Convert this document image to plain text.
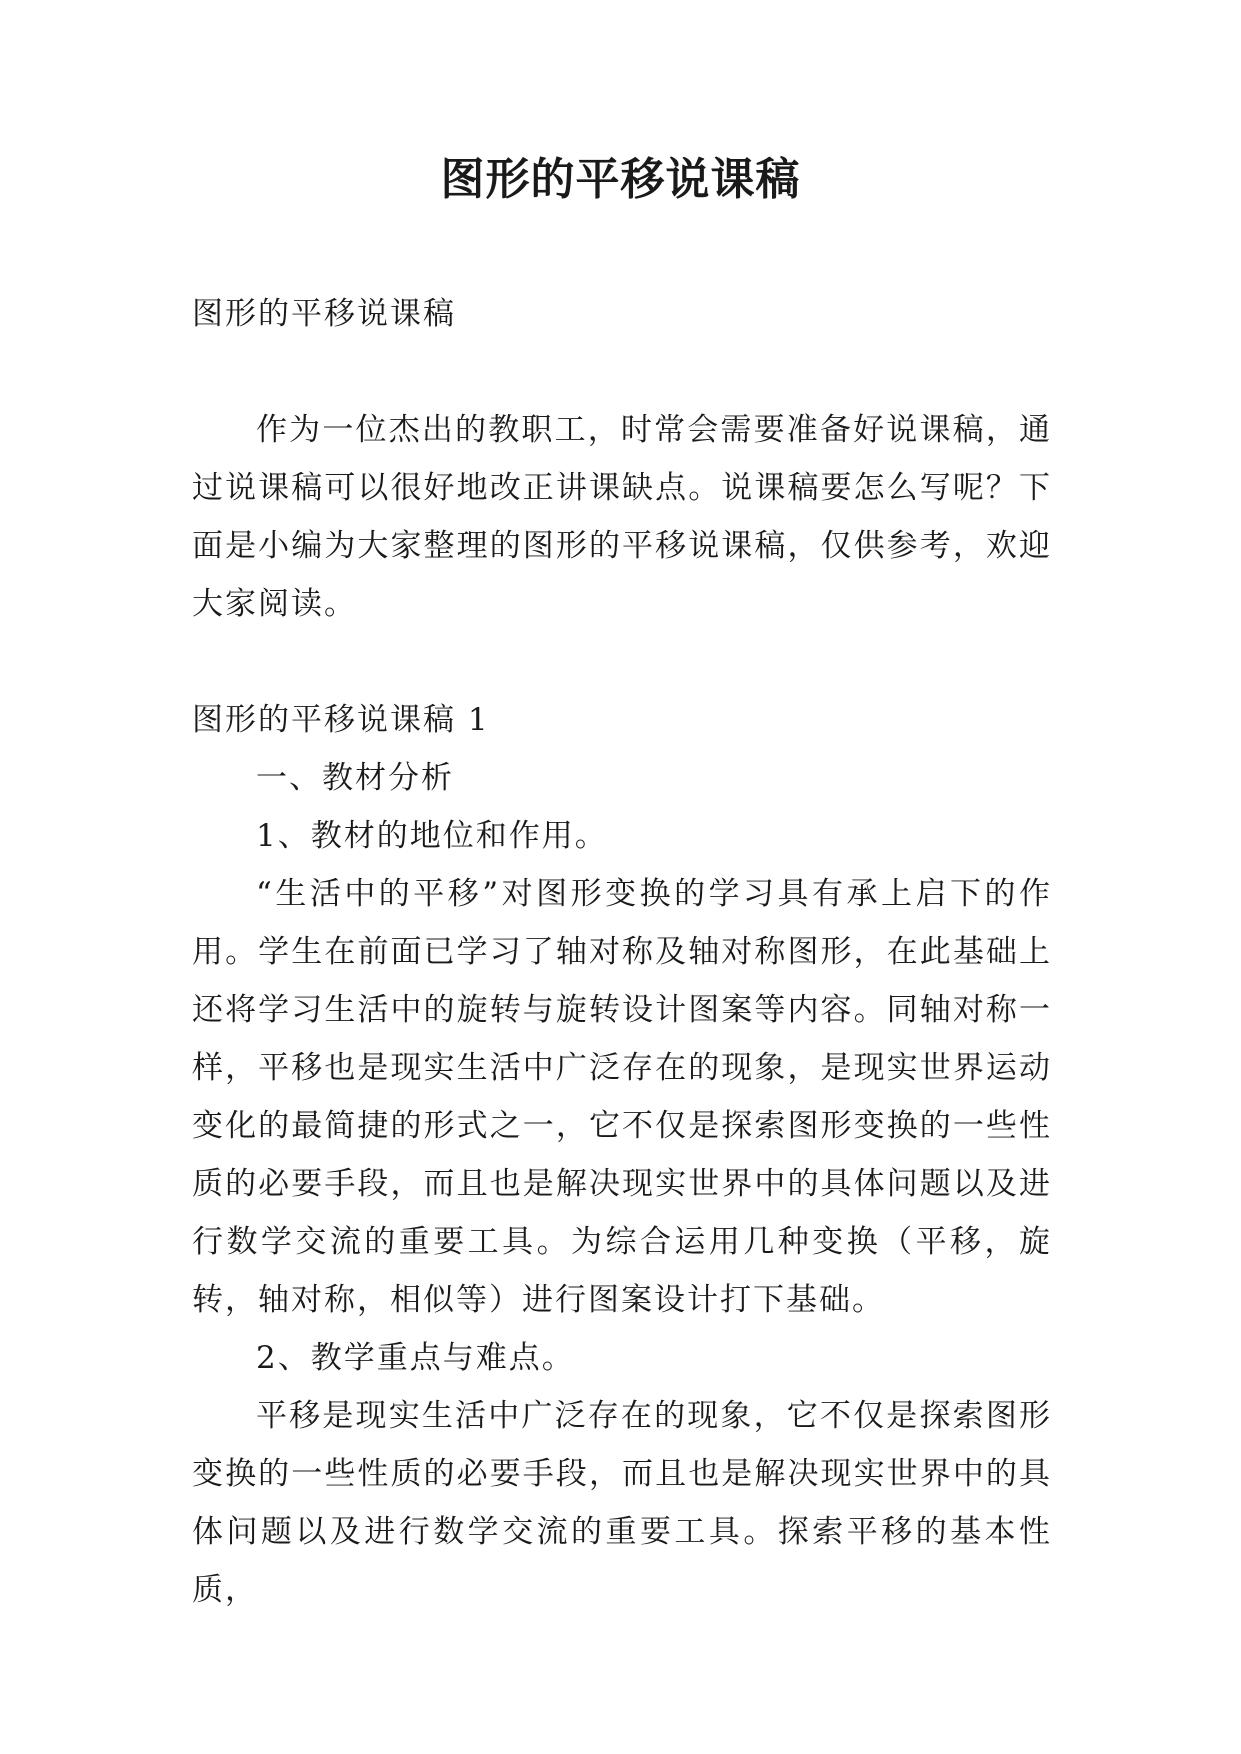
图形的平移说课稿

图形的平移说课稿

作为一位杰出的教职工，时常会需要准备好说课稿，通过说课稿可以很好地改正讲课缺点。说课稿要怎么写呢？下面是小编为大家整理的图形的平移说课稿，仅供参考，欢迎大家阅读。

图形的平移说课稿 1

一、教材分析

1、教材的地位和作用。

“生活中的平移”对图形变换的学习具有承上启下的作用。学生在前面已学习了轴对称及轴对称图形，在此基础上还将学习生活中的旋转与旋转设计图案等内容。同轴对称一样，平移也是现实生活中广泛存在的现象，是现实世界运动变化的最简捷的形式之一，它不仅是探索图形变换的一些性质的必要手段，而且也是解决现实世界中的具体问题以及进行数学交流的重要工具。为综合运用几种变换（平移，旋转，轴对称，相似等）进行图案设计打下基础。

2、教学重点与难点。

平移是现实生活中广泛存在的现象，它不仅是探索图形变换的一些性质的必要手段，而且也是解决现实世界中的具体问题以及进行数学交流的重要工具。探索平移的基本性质，
